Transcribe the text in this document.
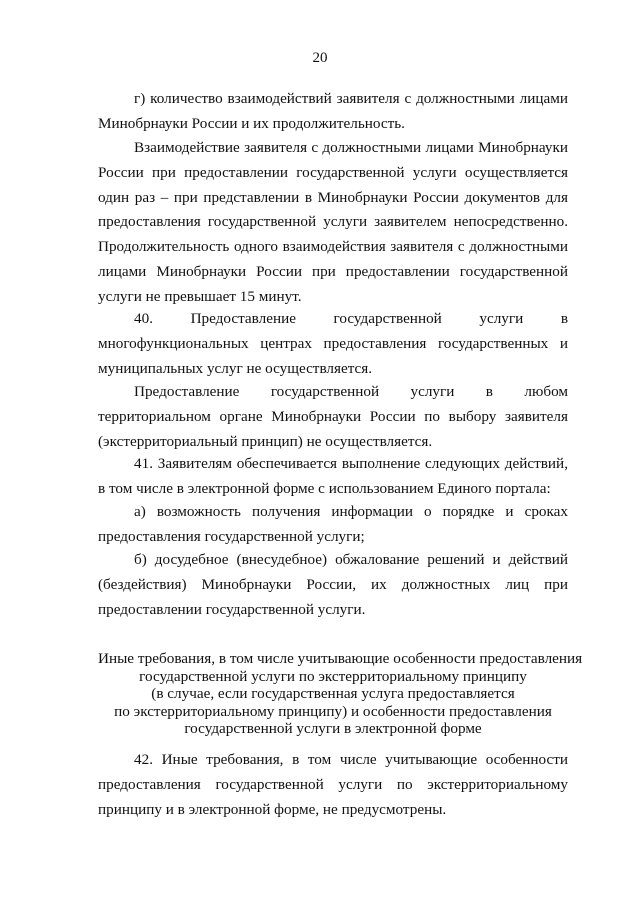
20

г) количество взаимодействий заявителя с должностными лицами Минобрнауки России и их продолжительность.

Взаимодействие заявителя с должностными лицами Минобрнауки России при предоставлении государственной услуги осуществляется один раз – при представлении в Минобрнауки России документов для предоставления государственной услуги заявителем непосредственно. Продолжительность одного взаимодействия заявителя с должностными лицами Минобрнауки России при предоставлении государственной услуги не превышает 15 минут.

40. Предоставление государственной услуги в многофункциональных центрах предоставления государственных и муниципальных услуг не осуществляется.

Предоставление государственной услуги в любом территориальном органе Минобрнауки России по выбору заявителя (экстерриториальный принцип) не осуществляется.

41. Заявителям обеспечивается выполнение следующих действий, в том числе в электронной форме с использованием Единого портала:

а) возможность получения информации о порядке и сроках предоставления государственной услуги;

б) досудебное (внесудебное) обжалование решений и действий (бездействия) Минобрнауки России, их должностных лиц при предоставлении государственной услуги.

Иные требования, в том числе учитывающие особенности предоставления
государственной услуги по экстерриториальному принципу
(в случае, если государственная услуга предоставляется
по экстерриториальному принципу) и особенности предоставления
государственной услуги в электронной форме

42. Иные требования, в том числе учитывающие особенности предоставления государственной услуги по экстерриториальному принципу и в электронной форме, не предусмотрены.
